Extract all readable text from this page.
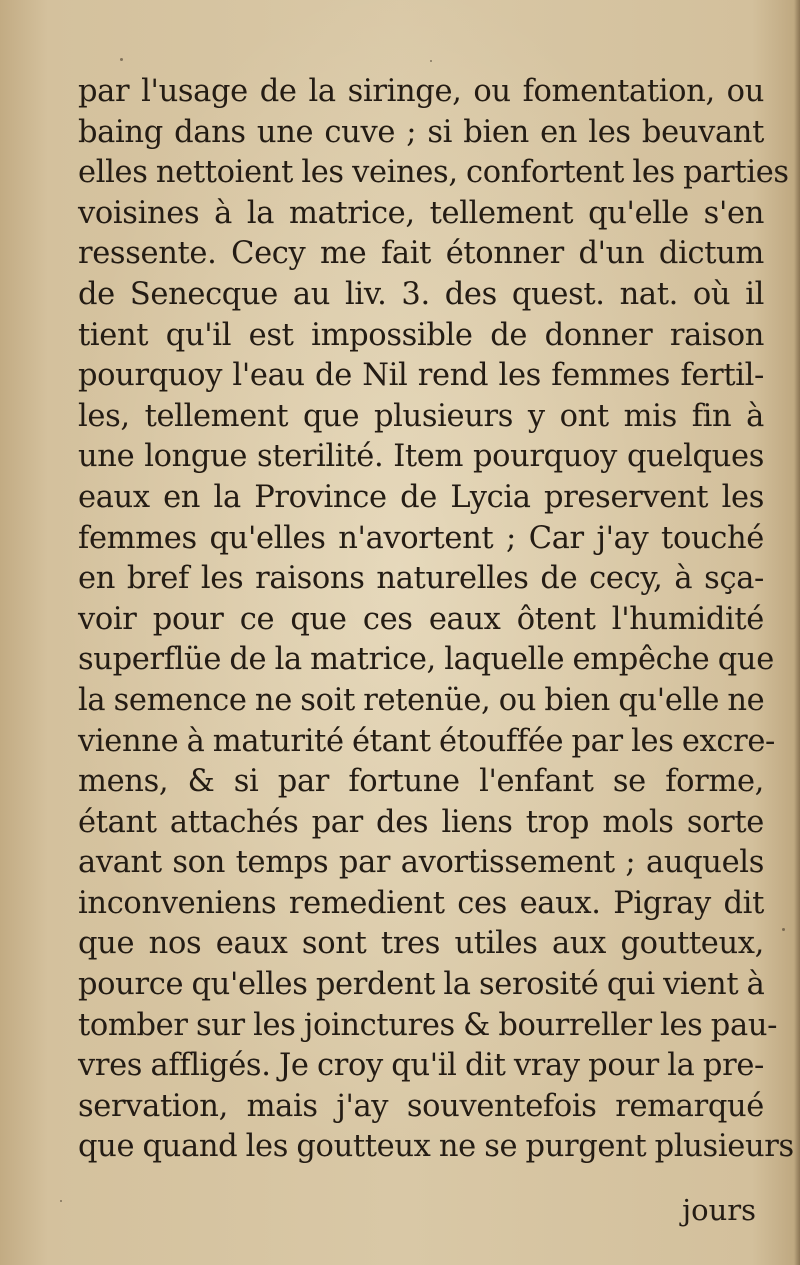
par l'usage de la siringe, ou fomentation, ou
baing dans une cuve ; si bien en les beuvant
elles nettoient les veines, confortent les parties
voisines à la matrice, tellement qu'elle s'en
ressente. Cecy me fait étonner d'un dictum
de Senecque au liv. 3. des quest. nat. où il
tient qu'il est impossible de donner raison
pourquoy l'eau de Nil rend les femmes fertil-
les, tellement que plusieurs y ont mis fin à
une longue sterilité. Item pourquoy quelques
eaux en la Province de Lycia preservent les
femmes qu'elles n'avortent ; Car j'ay touché
en bref les raisons naturelles de cecy, à sça-
voir pour ce que ces eaux ôtent l'humidité
superflüe de la matrice, laquelle empêche que
la semence ne soit retenüe, ou bien qu'elle ne
vienne à maturité étant étouffée par les excre-
mens, & si par fortune l'enfant se forme,
étant attachés par des liens trop mols sorte
avant son temps par avortissement ; auquels
inconveniens remedient ces eaux. Pigray dit
que nos eaux sont tres utiles aux goutteux,
pource qu'elles perdent la serosité qui vient à
tomber sur les joinctures & bourreller les pau-
vres affligés. Je croy qu'il dit vray pour la pre-
servation, mais j'ay souventefois remarqué
que quand les goutteux ne se purgent plusieurs
jours
